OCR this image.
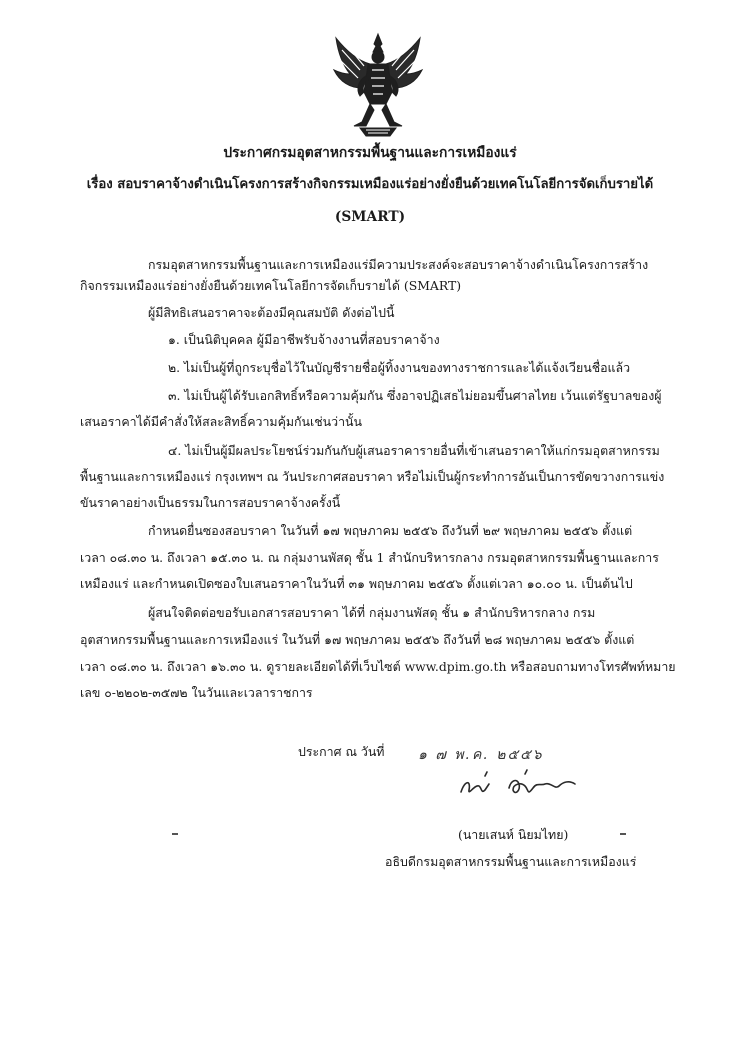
ประกาศกรมอุตสาหกรรมพื้นฐานและการเหมืองแร่
เรื่อง สอบราคาจ้างดำเนินโครงการสร้างกิจกรรมเหมืองแร่อย่างยั่งยืนด้วยเทคโนโลยีการจัดเก็บรายได้
(SMART)
กรมอุตสาหกรรมพื้นฐานและการเหมืองแร่มีความประสงค์จะสอบราคาจ้างดำเนินโครงการสร้าง
กิจกรรมเหมืองแร่อย่างยั่งยืนด้วยเทคโนโลยีการจัดเก็บรายได้ (SMART)
ผู้มีสิทธิเสนอราคาจะต้องมีคุณสมบัติ ดังต่อไปนี้
๑. เป็นนิติบุคคล ผู้มีอาชีพรับจ้างงานที่สอบราคาจ้าง
๒. ไม่เป็นผู้ที่ถูกระบุชื่อไว้ในบัญชีรายชื่อผู้ทิ้งงานของทางราชการและได้แจ้งเวียนชื่อแล้ว
๓. ไม่เป็นผู้ได้รับเอกสิทธิ์หรือความคุ้มกัน ซึ่งอาจปฏิเสธไม่ยอมขึ้นศาลไทย เว้นแต่รัฐบาลของผู้
เสนอราคาได้มีคำสั่งให้สละสิทธิ์ความคุ้มกันเช่นว่านั้น
๔. ไม่เป็นผู้มีผลประโยชน์ร่วมกันกับผู้เสนอราคารายอื่นที่เข้าเสนอราคาให้แก่กรมอุตสาหกรรม
พื้นฐานและการเหมืองแร่ กรุงเทพฯ ณ วันประกาศสอบราคา หรือไม่เป็นผู้กระทำการอันเป็นการขัดขวางการแข่ง
ขันราคาอย่างเป็นธรรมในการสอบราคาจ้างครั้งนี้
กำหนดยื่นซองสอบราคา ในวันที่ ๑๗ พฤษภาคม ๒๕๕๖ ถึงวันที่ ๒๙ พฤษภาคม ๒๕๕๖ ตั้งแต่
เวลา ๐๘.๓๐ น. ถึงเวลา ๑๕.๓๐ น. ณ กลุ่มงานพัสดุ ชั้น 1 สำนักบริหารกลาง กรมอุตสาหกรรมพื้นฐานและการ
เหมืองแร่ และกำหนดเปิดซองใบเสนอราคาในวันที่ ๓๑ พฤษภาคม ๒๕๕๖ ตั้งแต่เวลา ๑๐.๐๐ น. เป็นต้นไป
ผู้สนใจติดต่อขอรับเอกสารสอบราคา ได้ที่ กลุ่มงานพัสดุ ชั้น ๑ สำนักบริหารกลาง กรม
อุตสาหกรรมพื้นฐานและการเหมืองแร่ ในวันที่ ๑๗ พฤษภาคม ๒๕๕๖ ถึงวันที่ ๒๘ พฤษภาคม ๒๕๕๖ ตั้งแต่
เวลา ๐๘.๓๐ น. ถึงเวลา ๑๖.๓๐ น. ดูรายละเอียดได้ที่เว็บไซต์ www.dpim.go.th หรือสอบถามทางโทรศัพท์หมาย
เลข ๐-๒๒๐๒-๓๕๗๒ ในวันและเวลาราชการ
ประกาศ ณ วันที่ ๑ ๗ พ.ค. ๒๕๕๖
(นายเสนห์ นิยมไทย)
อธิบดีกรมอุตสาหกรรมพื้นฐานและการเหมืองแร่
